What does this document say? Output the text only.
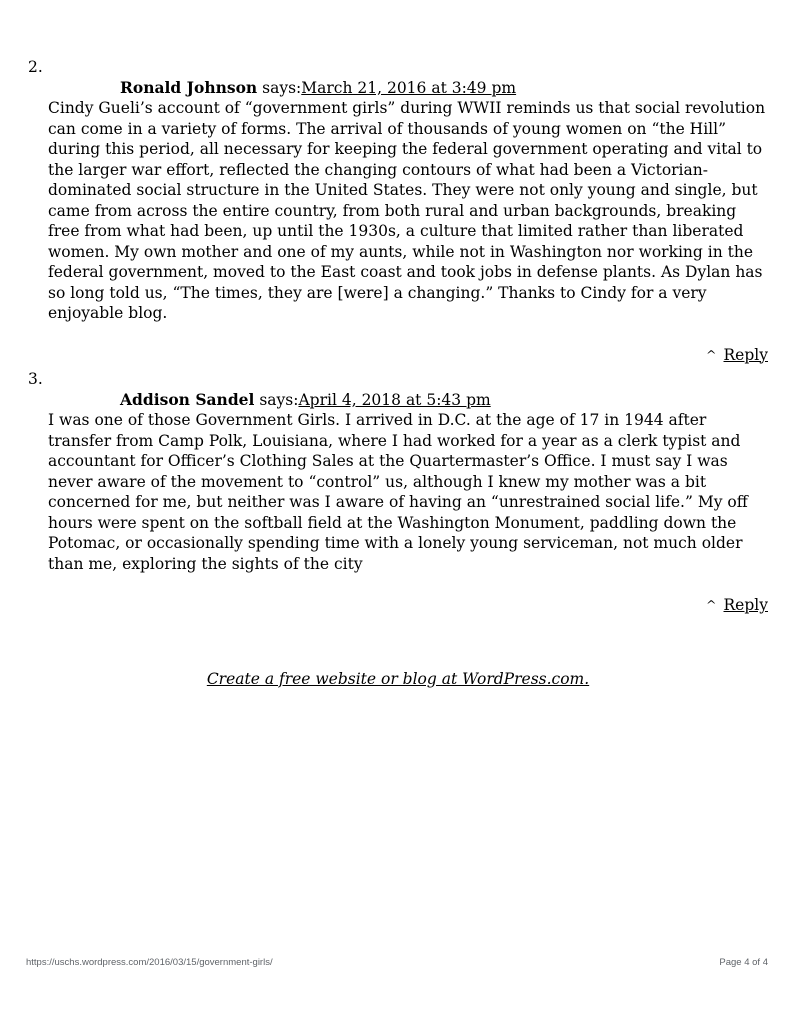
2.
Ronald Johnson says:March 21, 2016 at 3:49 pm
Cindy Gueli’s account of “government girls” during WWII reminds us that social revolution can come in a variety of forms. The arrival of thousands of young women on “the Hill” during this period, all necessary for keeping the federal government operating and vital to the larger war effort, reflected the changing contours of what had been a Victorian-dominated social structure in the United States. They were not only young and single, but came from across the entire country, from both rural and urban backgrounds, breaking free from what had been, up until the 1930s, a culture that limited rather than liberated women. My own mother and one of my aunts, while not in Washington nor working in the federal government, moved to the East coast and took jobs in defense plants. As Dylan has so long told us, “The times, they are [were] a changing.” Thanks to Cindy for a very enjoyable blog.
^ Reply
3.
Addison Sandel says:April 4, 2018 at 5:43 pm
I was one of those Government Girls. I arrived in D.C. at the age of 17 in 1944 after transfer from Camp Polk, Louisiana, where I had worked for a year as a clerk typist and accountant for Officer’s Clothing Sales at the Quartermaster’s Office. I must say I was never aware of the movement to “control” us, although I knew my mother was a bit concerned for me, but neither was I aware of having an “unrestrained social life.” My off hours were spent on the softball field at the Washington Monument, paddling down the Potomac, or occasionally spending time with a lonely young serviceman, not much older than me, exploring the sights of the city
^ Reply
Create a free website or blog at WordPress.com.
https://uschs.wordpress.com/2016/03/15/government-girls/	Page 4 of 4
